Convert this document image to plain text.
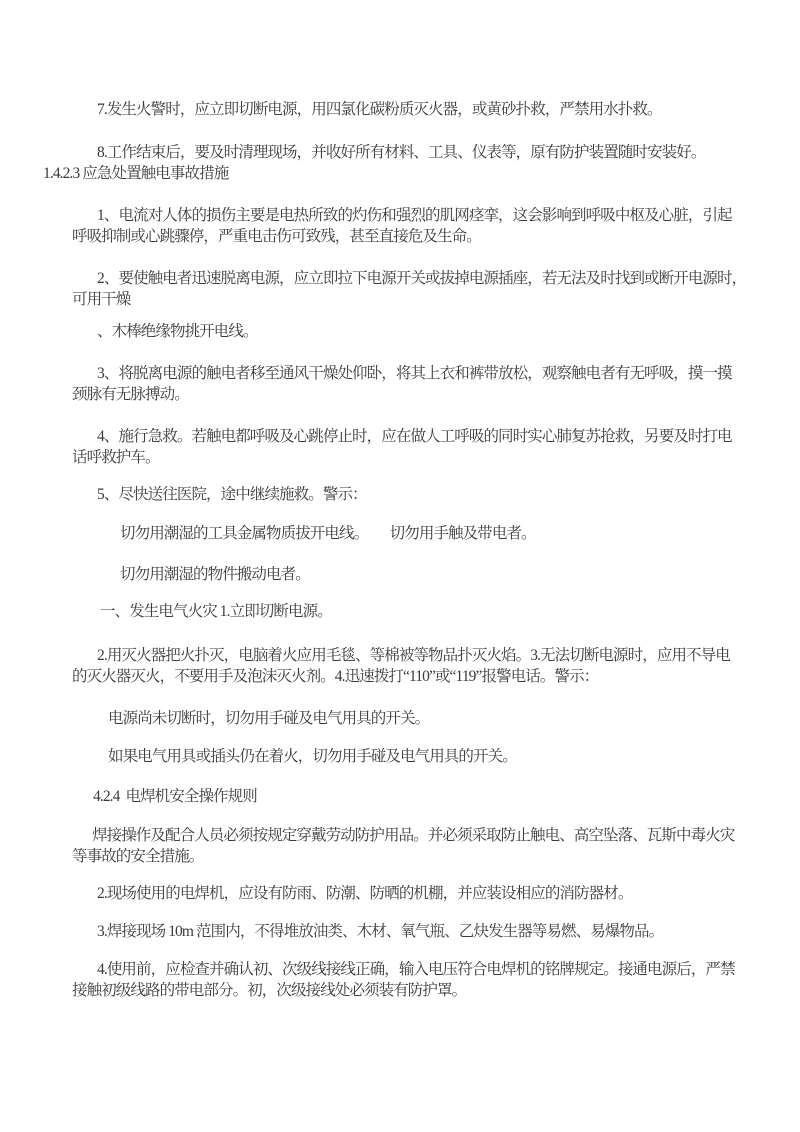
7.发生火警时，应立即切断电源，用四氯化碳粉质灭火器，或黄砂扑救，严禁用水扑救。
8.工作结束后，要及时清理现场，并收好所有材料、工具、仪表等，原有防护装置随时安装好。
1.4.2.3 应急处置触电事故措施
1、电流对人体的损伤主要是电热所致的灼伤和强烈的肌网痉挛，这会影响到呼吸中枢及心脏，引起
呼吸抑制或心跳骤停，严重电击伤可致残，甚至直接危及生命。
2、要使触电者迅速脱离电源，应立即拉下电源开关或拔掉电源插座，若无法及时找到或断开电源时，
可用干燥
、木棒绝缘物挑开电线。
3、将脱离电源的触电者移至通风干燥处仰卧，将其上衣和裤带放松，观察触电者有无呼吸，摸一摸
颈脉有无脉搏动。
4、施行急救。若触电都呼吸及心跳停止时，应在做人工呼吸的同时实心肺复苏抢救，另要及时打电
话呼救护车。
5、尽快送往医院，途中继续施救。警示：
切勿用潮湿的工具金属物质拔开电线。　　切勿用手触及带电者。
切勿用潮湿的物件搬动电者。
一、发生电气火灾 1.立即切断电源。
2.用灭火器把火扑灭，电脑着火应用毛毯、等棉被等物品扑灭火焰。3.无法切断电源时，应用不导电
的灭火器灭火，不要用手及泡沫灭火剂。4.迅速拨打“110”或“119”报警电话。警示：
电源尚未切断时，切勿用手碰及电气用具的开关。
如果电气用具或插头仍在着火，切勿用手碰及电气用具的开关。
4.2.4  电焊机安全操作规则
焊接操作及配合人员必须按规定穿戴劳动防护用品。并必须采取防止触电、高空坠落、瓦斯中毒火灾
等事故的安全措施。
2.现场使用的电焊机，应设有防雨、防潮、防晒的机棚，并应装设相应的消防器材。
3.焊接现场 10m 范围内，不得堆放油类、木材、氧气瓶、乙炔发生器等易燃、易爆物品。
4.使用前，应检查并确认初、次级线接线正确，输入电压符合电焊机的铭牌规定。接通电源后，严禁
接触初级线路的带电部分。初，次级接线处必须装有防护罩。
